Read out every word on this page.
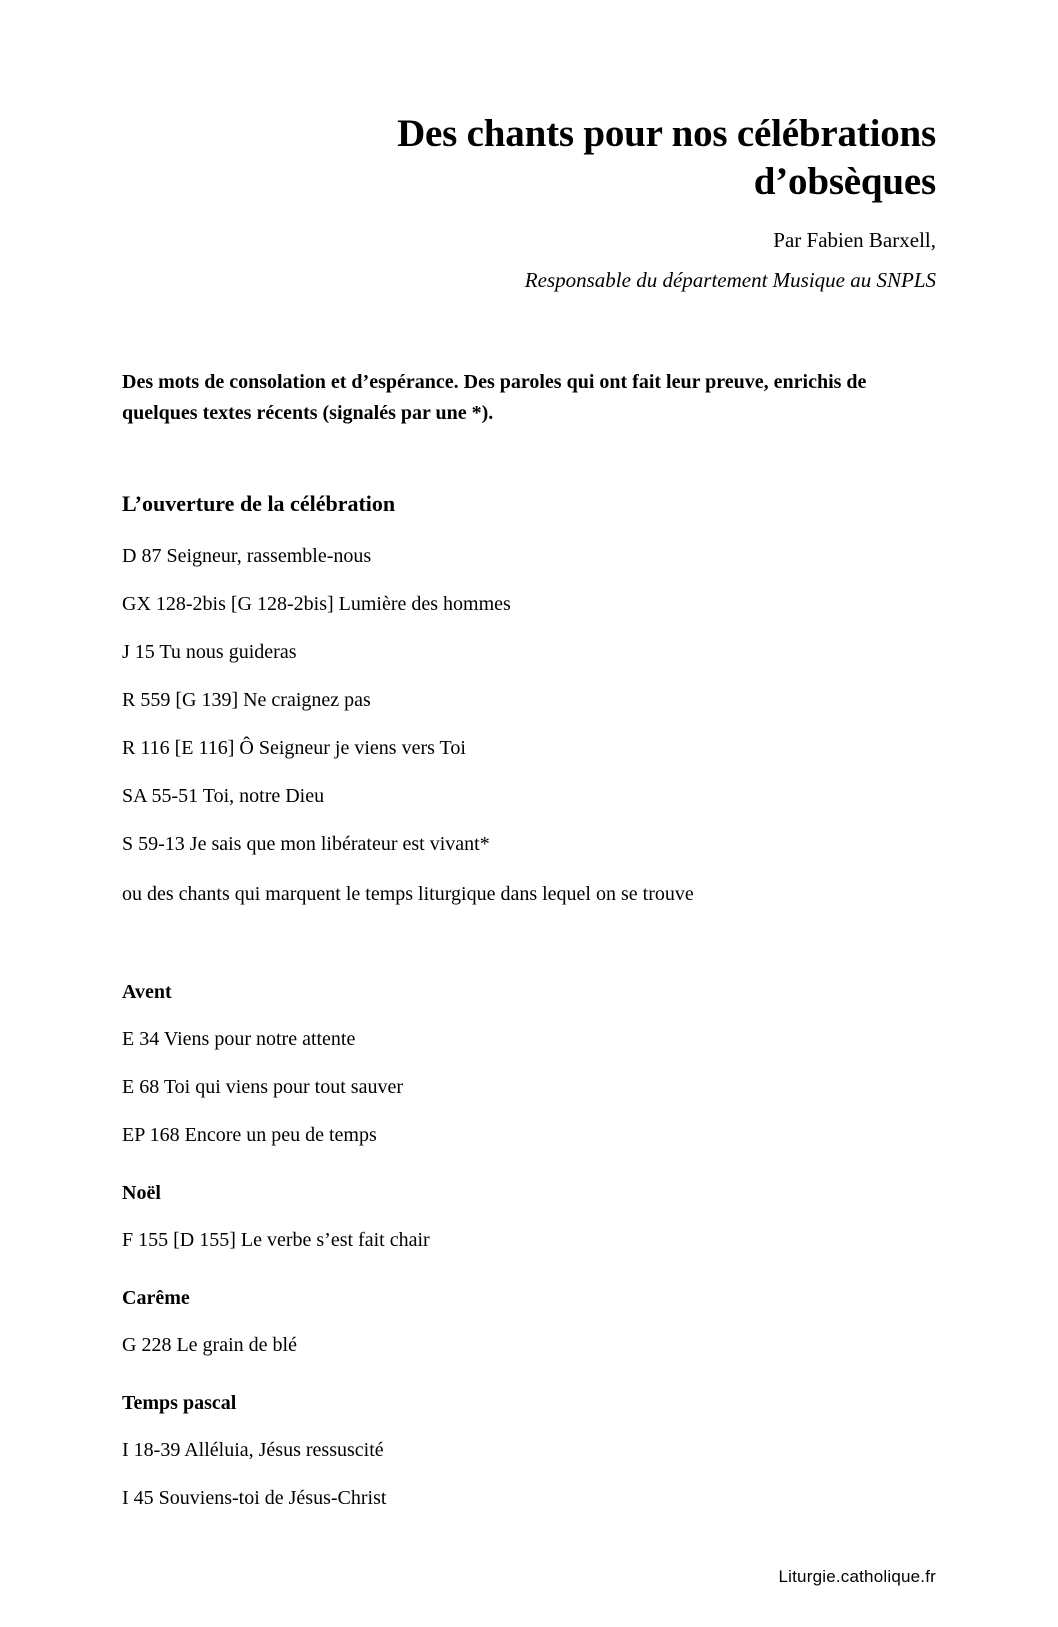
Des chants pour nos célébrations
d’obsèques
Par Fabien Barxell,
Responsable du département Musique au SNPLS

Des mots de consolation et d’espérance. Des paroles qui ont fait leur preuve, enrichis de quelques textes récents (signalés par une *).

L’ouverture de la célébration
D 87 Seigneur, rassemble-nous
GX 128-2bis [G 128-2bis] Lumière des hommes
J 15 Tu nous guideras
R 559 [G 139] Ne craignez pas
R 116 [E 116] Ô Seigneur je viens vers Toi
SA 55-51 Toi, notre Dieu
S 59-13 Je sais que mon libérateur est vivant*
ou des chants qui marquent le temps liturgique dans lequel on se trouve
Avent
E 34 Viens pour notre attente
E 68 Toi qui viens pour tout sauver
EP 168 Encore un peu de temps
Noël
F 155 [D 155] Le verbe s’est fait chair
Carême
G 228 Le grain de blé
Temps pascal
I 18-39 Alléluia, Jésus ressuscité
I 45 Souviens-toi de Jésus-Christ
Liturgie.catholique.fr
